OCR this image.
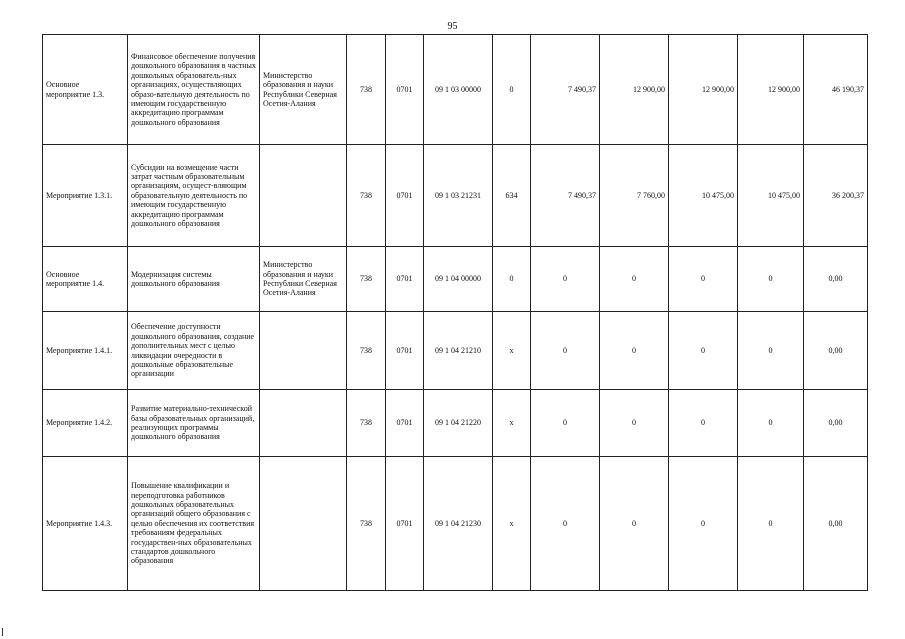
95
Основное мероприятие 1.3.	Финансовое обеспечение получения дошкольного образования в частных дошкольных образователь-ных организациях, осуществляющих образо-вательную деятельность по имеющим государственную аккредитацию программам дошкольного образования	Министерство образования и науки Республики Северная Осетия-Алания	738	0701	09 1 03 00000	0	7 490,37	12 900,00	12 900,00	12 900,00	46 190,37
Мероприятие 1.3.1.	Субсидии на возмещение части затрат частным образовательным организациям, осущест-вляющим образовательную деятельность по имеющим государственную аккредитацию программам дошкольного образования		738	0701	09 1 03 21231	634	7 490,37	7 760,00	10 475,00	10 475,00	36 200,37
Основное мероприятие 1.4.	Модернизация системы дошкольного образования	Министерство образования и науки Республики Северная Осетия-Алания	738	0701	09 1 04 00000	0	0	0	0	0	0,00
Мероприятие 1.4.1.	Обеспечение доступности дошкольного образования, создание дополнительных мест с целью ликвидации очередности в дошкольные образовательные организации		738	0701	09 1 04 21210	х	0	0	0	0	0,00
Мероприятие 1.4.2.	Развитие материально-технической базы образовательных организаций, реализующих программы дошкольного образования		738	0701	09 1 04 21220	х	0	0	0	0	0,00
Мероприятие 1.4.3.	Повышение квалификации и переподготовка работников дошкольных образовательных организаций общего образования с целью обеспечения их соответствия требованиям федеральных государствен-ных образовательных стандартов дошкольного образования		738	0701	09 1 04 21230	х	0	0	0	0	0,00
